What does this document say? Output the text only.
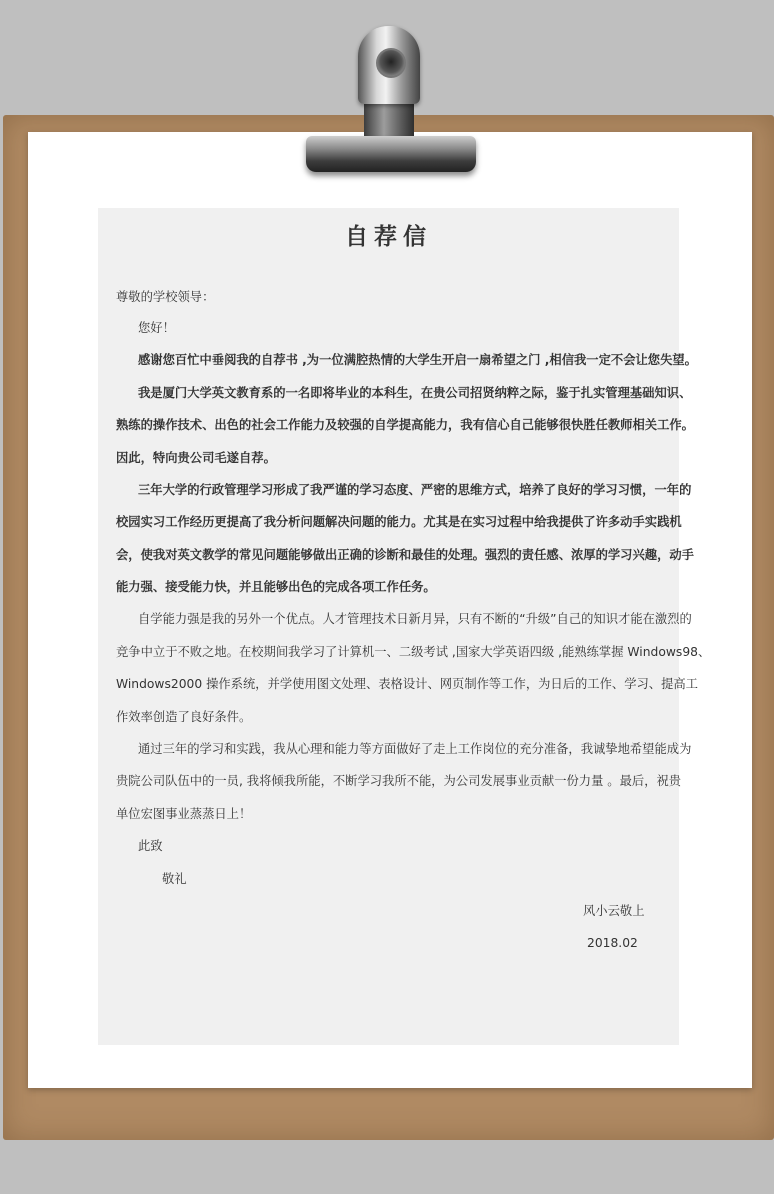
自荐信

尊敬的学校领导：

您好！

感谢您百忙中垂阅我的自荐书 ,为一位满腔热情的大学生开启一扇希望之门 ,相信我一定不会让您失望。

我是厦门大学英文教育系的一名即将毕业的本科生，在贵公司招贤纳粹之际，鉴于扎实管理基础知识、

熟练的操作技术、出色的社会工作能力及较强的自学提高能力，我有信心自己能够很快胜任教师相关工作。

因此，特向贵公司毛遂自荐。

三年大学的行政管理学习形成了我严谨的学习态度、严密的思维方式，培养了良好的学习习惯，一年的

校园实习工作经历更提高了我分析问题解决问题的能力。尤其是在实习过程中给我提供了许多动手实践机

会，使我对英文教学的常见问题能够做出正确的诊断和最佳的处理。强烈的责任感、浓厚的学习兴趣，动手

能力强、接受能力快，并且能够出色的完成各项工作任务。

自学能力强是我的另外一个优点。人才管理技术日新月异，只有不断的“升级”自己的知识才能在激烈的

竞争中立于不败之地。在校期间我学习了计算机一、二级考试 ,国家大学英语四级 ,能熟练掌握 Windows98、

Windows2000 操作系统，并学使用图文处理、表格设计、网页制作等工作，为日后的工作、学习、提高工

作效率创造了良好条件。

通过三年的学习和实践，我从心理和能力等方面做好了走上工作岗位的充分准备，我诚挚地希望能成为

贵院公司队伍中的一员, 我将倾我所能，不断学习我所不能，为公司发展事业贡献一份力量 。最后，祝贵

单位宏图事业蒸蒸日上！

此致

敬礼

风小云敬上

2018.02
